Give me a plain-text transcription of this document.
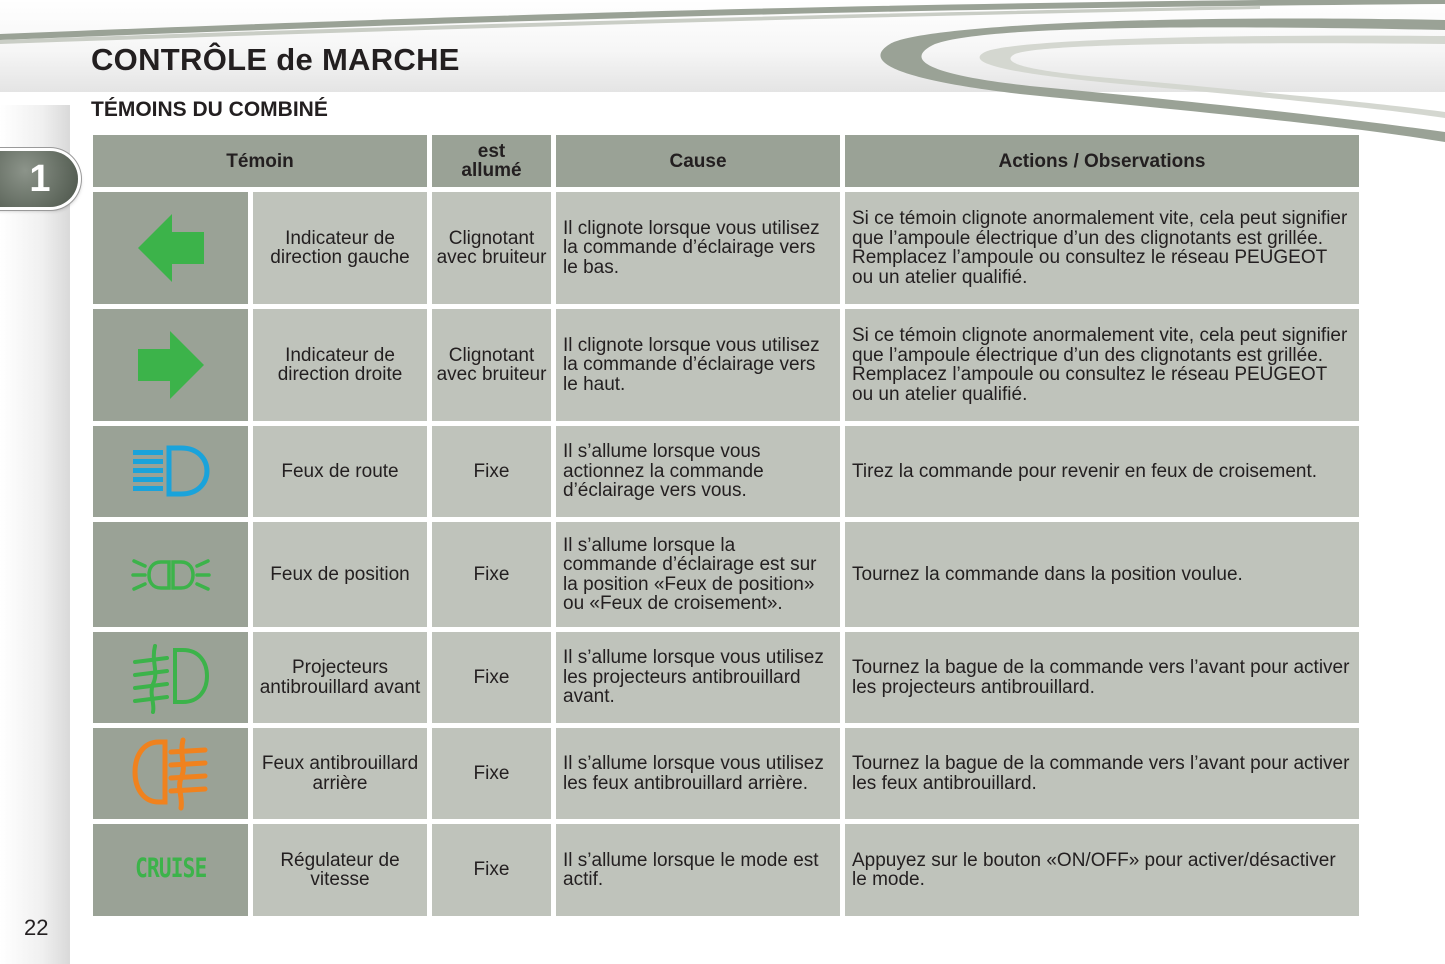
CONTRÔLE de MARCHE
1
22
TÉMOINS DU COMBINÉ
Témoin		est allumé	Cause	Actions / Observations

	Indicateur de direction gauche	Clignotant avec bruiteur	Il clignote lorsque vous utilisez la commande d’éclairage vers le bas.	Si ce témoin clignote anormalement vite, cela peut signifier que l’ampoule électrique d’un des clignotants est grillée. Remplacez l’ampoule ou consultez le réseau PEUGEOT ou un atelier qualifié.

	Indicateur de direction droite	Clignotant avec bruiteur	Il clignote lorsque vous utilisez la commande d’éclairage vers le haut.	Si ce témoin clignote anormalement vite, cela peut signifier que l’ampoule électrique d’un des clignotants est grillée. Remplacez l’ampoule ou consultez le réseau PEUGEOT ou un atelier qualifié.

	Feux de route	Fixe	Il s’allume lorsque vous actionnez la commande d’éclairage vers vous.	Tirez la commande pour revenir en feux de croisement.

	Feux de position	Fixe	Il s’allume lorsque la commande d’éclairage est sur la position «Feux de position» ou «Feux de croisement».	Tournez la commande dans la position voulue.

	Projecteurs antibrouillard avant	Fixe	Il s’allume lorsque vous utilisez les projecteurs antibrouillard avant.	Tournez la bague de la commande vers l’avant pour activer les projecteurs antibrouillard.

	Feux antibrouillard arrière	Fixe	Il s’allume lorsque vous utilisez les feux antibrouillard arrière.	Tournez la bague de la commande vers l’avant pour activer les feux antibrouillard.
CRUISE	Régulateur de vitesse	Fixe	Il s’allume lorsque le mode est actif.	Appuyez sur le bouton «ON/OFF» pour activer/désactiver le mode.
